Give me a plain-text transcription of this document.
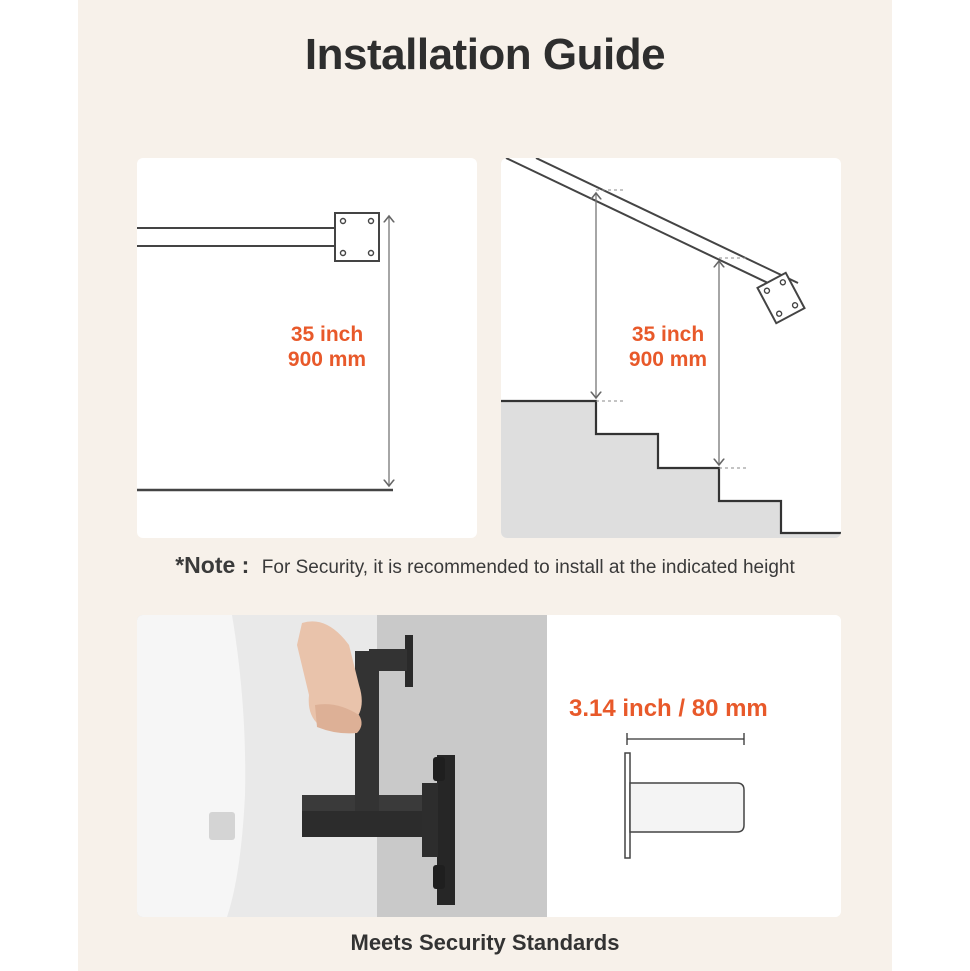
Installation Guide
35 inch
900 mm
35 inch
900 mm
*Note : For Security, it is recommended to install at the indicated height
3.14 inch / 80 mm
Meets Security Standards
